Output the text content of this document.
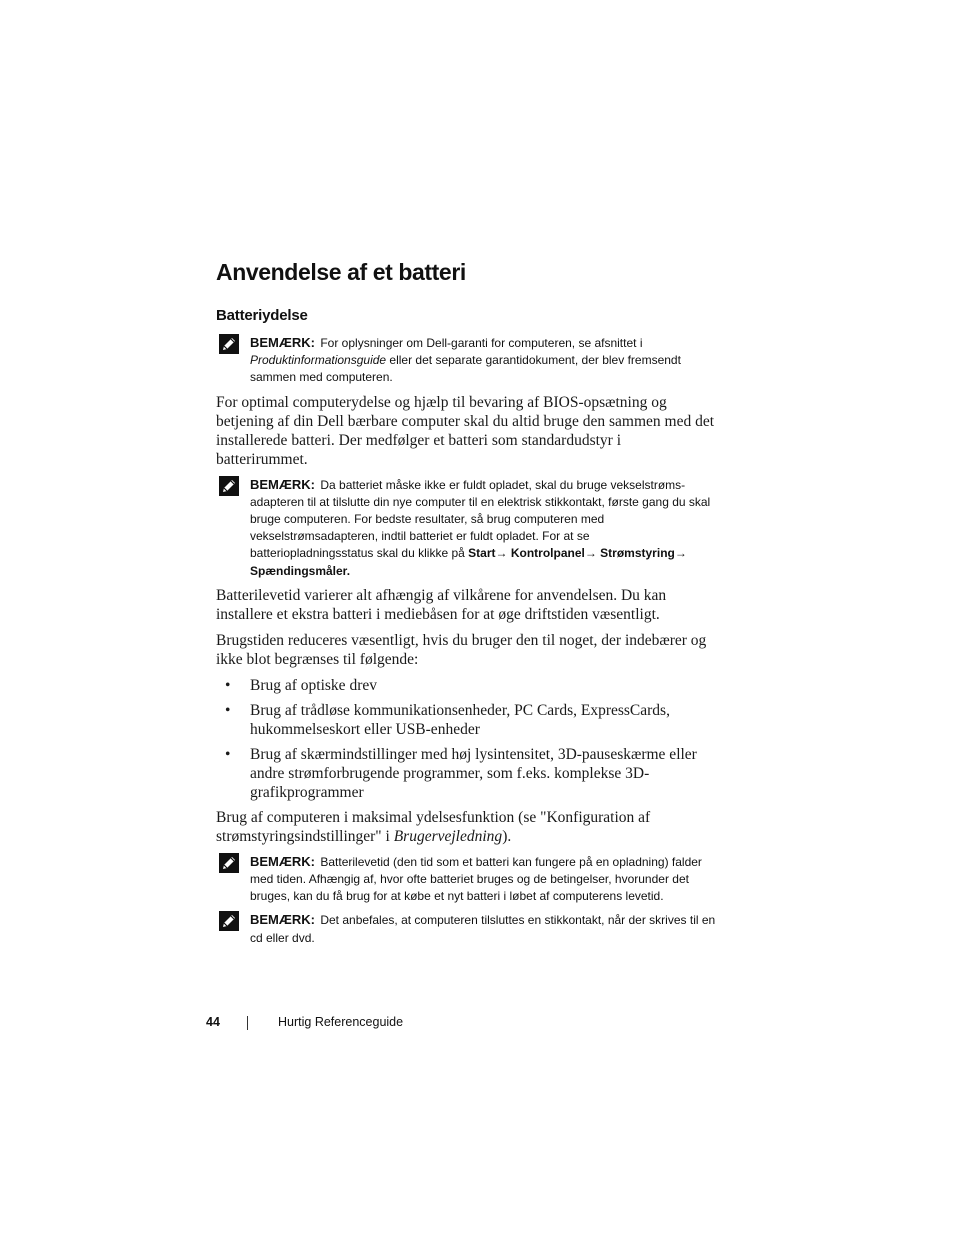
Anvendelse af et batteri
Batteriydelse
BEMÆRK: For oplysninger om Dell-garanti for computeren, se afsnittet i Produktinformationsguide eller det separate garantidokument, der blev fremsendt sammen med computeren.

For optimal computerydelse og hjælp til bevaring af BIOS-opsætning og betjening af din Dell bærbare computer skal du altid bruge den sammen med det installerede batteri. Der medfølger et batteri som standardudstyr i batterirummet.

BEMÆRK: Da batteriet måske ikke er fuldt opladet, skal du bruge vekselstrøms-adapteren til at tilslutte din nye computer til en elektrisk stikkontakt, første gang du skal bruge computeren. For bedste resultater, så brug computeren med vekselstrømsadapteren, indtil batteriet er fuldt opladet. For at se batteriopladningsstatus skal du klikke på Start→ Kontrolpanel→ Strømstyring→ Spændingsmåler.

Batterilevetid varierer alt afhængig af vilkårene for anvendelsen. Du kan installere et ekstra batteri i mediebåsen for at øge driftstiden væsentligt.

Brugstiden reduceres væsentligt, hvis du bruger den til noget, der indebærer og ikke blot begrænses til følgende:

• Brug af optiske drev
• Brug af trådløse kommunikationsenheder, PC Cards, ExpressCards, hukommelseskort eller USB-enheder
• Brug af skærmindstillinger med høj lysintensitet, 3D-pauseskærme eller andre strømforbrugende programmer, som f.eks. komplekse 3D-grafikprogrammer

Brug af computeren i maksimal ydelsesfunktion (se "Konfiguration af strømstyringsindstillinger" i Brugervejledning).

BEMÆRK: Batterilevetid (den tid som et batteri kan fungere på en opladning) falder med tiden. Afhængig af, hvor ofte batteriet bruges og de betingelser, hvorunder det bruges, kan du få brug for at købe et nyt batteri i løbet af computerens levetid.
BEMÆRK: Det anbefales, at computeren tilsluttes en stikkontakt, når der skrives til en cd eller dvd.
44	Hurtig Referenceguide
